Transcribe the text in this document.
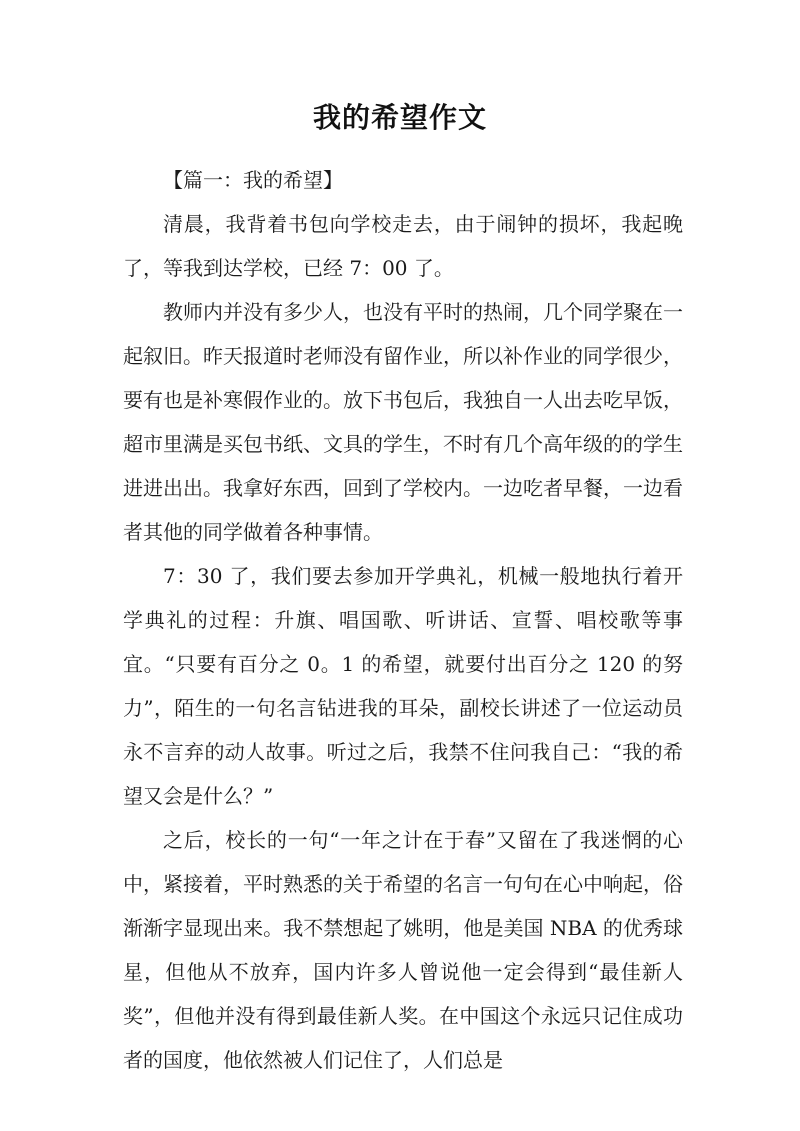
我的希望作文

【篇一：我的希望】

清晨，我背着书包向学校走去，由于闹钟的损坏，我起晚了，等我到达学校，已经 7：00 了。

教师内并没有多少人，也没有平时的热闹，几个同学聚在一起叙旧。昨天报道时老师没有留作业，所以补作业的同学很少，要有也是补寒假作业的。放下书包后，我独自一人出去吃早饭，超市里满是买包书纸、文具的学生，不时有几个高年级的的学生进进出出。我拿好东西，回到了学校内。一边吃者早餐，一边看者其他的同学做着各种事情。

7：30 了，我们要去参加开学典礼，机械一般地执行着开学典礼的过程：升旗、唱国歌、听讲话、宣誓、唱校歌等事宜。“只要有百分之 0。1 的希望，就要付出百分之 120 的努力”，陌生的一句名言钻进我的耳朵，副校长讲述了一位运动员永不言弃的动人故事。听过之后，我禁不住问我自己：“我的希望又会是什么？”

之后，校长的一句“一年之计在于春”又留在了我迷惘的心中，紧接着，平时熟悉的关于希望的名言一句句在心中响起，俗渐渐字显现出来。我不禁想起了姚明，他是美国 NBA 的优秀球星，但他从不放弃，国内许多人曾说他一定会得到“最佳新人奖”，但他并没有得到最佳新人奖。在中国这个永远只记住成功者的国度，他依然被人们记住了，人们总是
